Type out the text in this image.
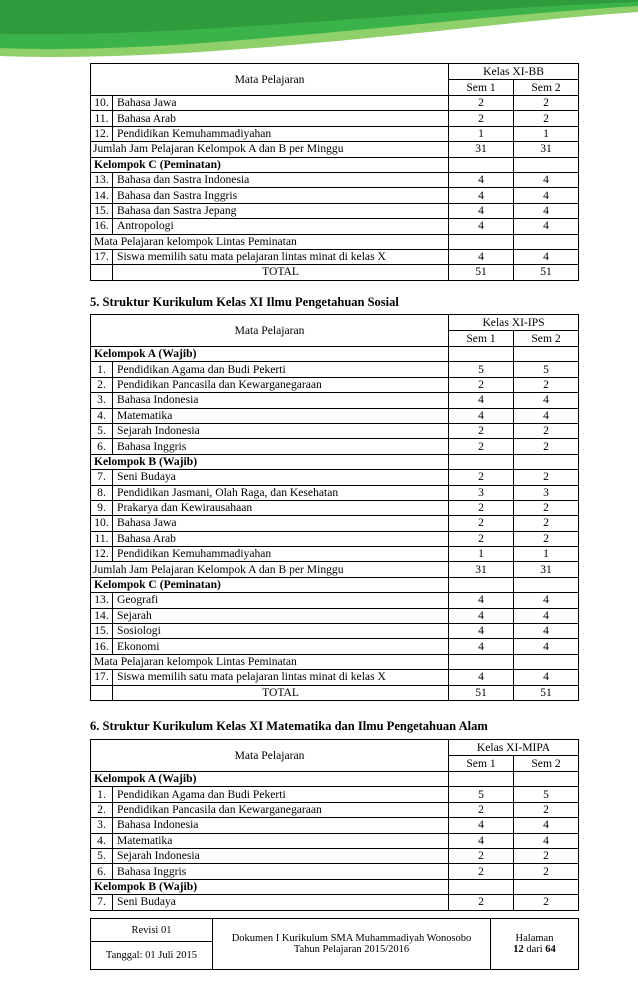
Mata Pelajaran		Kelas XI-BB	
		Sem 1	Sem 2
10.	Bahasa Jawa	2	2
11.	Bahasa Arab	2	2
12.	Pendidikan Kemuhammadiyahan	1	1
Jumlah Jam Pelajaran Kelompok A dan B per Minggu		31	31
Kelompok C (Peminatan)			
13.	Bahasa dan Sastra Indonesia	4	4
14.	Bahasa dan Sastra Inggris	4	4
15.	Bahasa dan Sastra Jepang	4	4
16.	Antropologi	4	4
Mata Pelajaran kelompok Lintas Peminatan			
17.	Siswa memilih satu mata pelajaran lintas minat di kelas X	4	4
	TOTAL	51	51
5. Struktur Kurikulum Kelas XI Ilmu Pengetahuan Sosial
Mata Pelajaran		Kelas XI-IPS	
		Sem 1	Sem 2
Kelompok A (Wajib)			
1.	Pendidikan Agama dan Budi Pekerti	5	5
2.	Pendidikan Pancasila dan Kewarganegaraan	2	2
3.	Bahasa Indonesia	4	4
4.	Matematika	4	4
5.	Sejarah Indonesia	2	2
6.	Bahasa Inggris	2	2
Kelompok B (Wajib)			
7.	Seni Budaya	2	2
8.	Pendidikan Jasmani, Olah Raga, dan Kesehatan	3	3
9.	Prakarya dan Kewirausahaan	2	2
10.	Bahasa Jawa	2	2
11.	Bahasa Arab	2	2
12.	Pendidikan Kemuhammadiyahan	1	1
Jumlah Jam Pelajaran Kelompok A dan B per Minggu		31	31
Kelompok C (Peminatan)			
13.	Geografi	4	4
14.	Sejarah	4	4
15.	Sosiologi	4	4
16.	Ekonomi	4	4
Mata Pelajaran kelompok Lintas Peminatan			
17.	Siswa memilih satu mata pelajaran lintas minat di kelas X	4	4
	TOTAL	51	51
6. Struktur Kurikulum Kelas XI Matematika dan Ilmu Pengetahuan Alam
Mata Pelajaran		Kelas XI-MIPA	
		Sem 1	Sem 2
Kelompok A (Wajib)			
1.	Pendidikan Agama dan Budi Pekerti	5	5
2.	Pendidikan Pancasila dan Kewarganegaraan	2	2
3.	Bahasa Indonesia	4	4
4.	Matematika	4	4
5.	Sejarah Indonesia	2	2
6.	Bahasa Inggris	2	2
Kelompok B (Wajib)			
7.	Seni Budaya	2	2
Revisi 01	Dokumen I Kurikulum SMA Muhammadiyah Wonosobo
Tahun Pelajaran 2015/2016	Halaman
12 dari 64
Tanggal: 01 Juli 2015
